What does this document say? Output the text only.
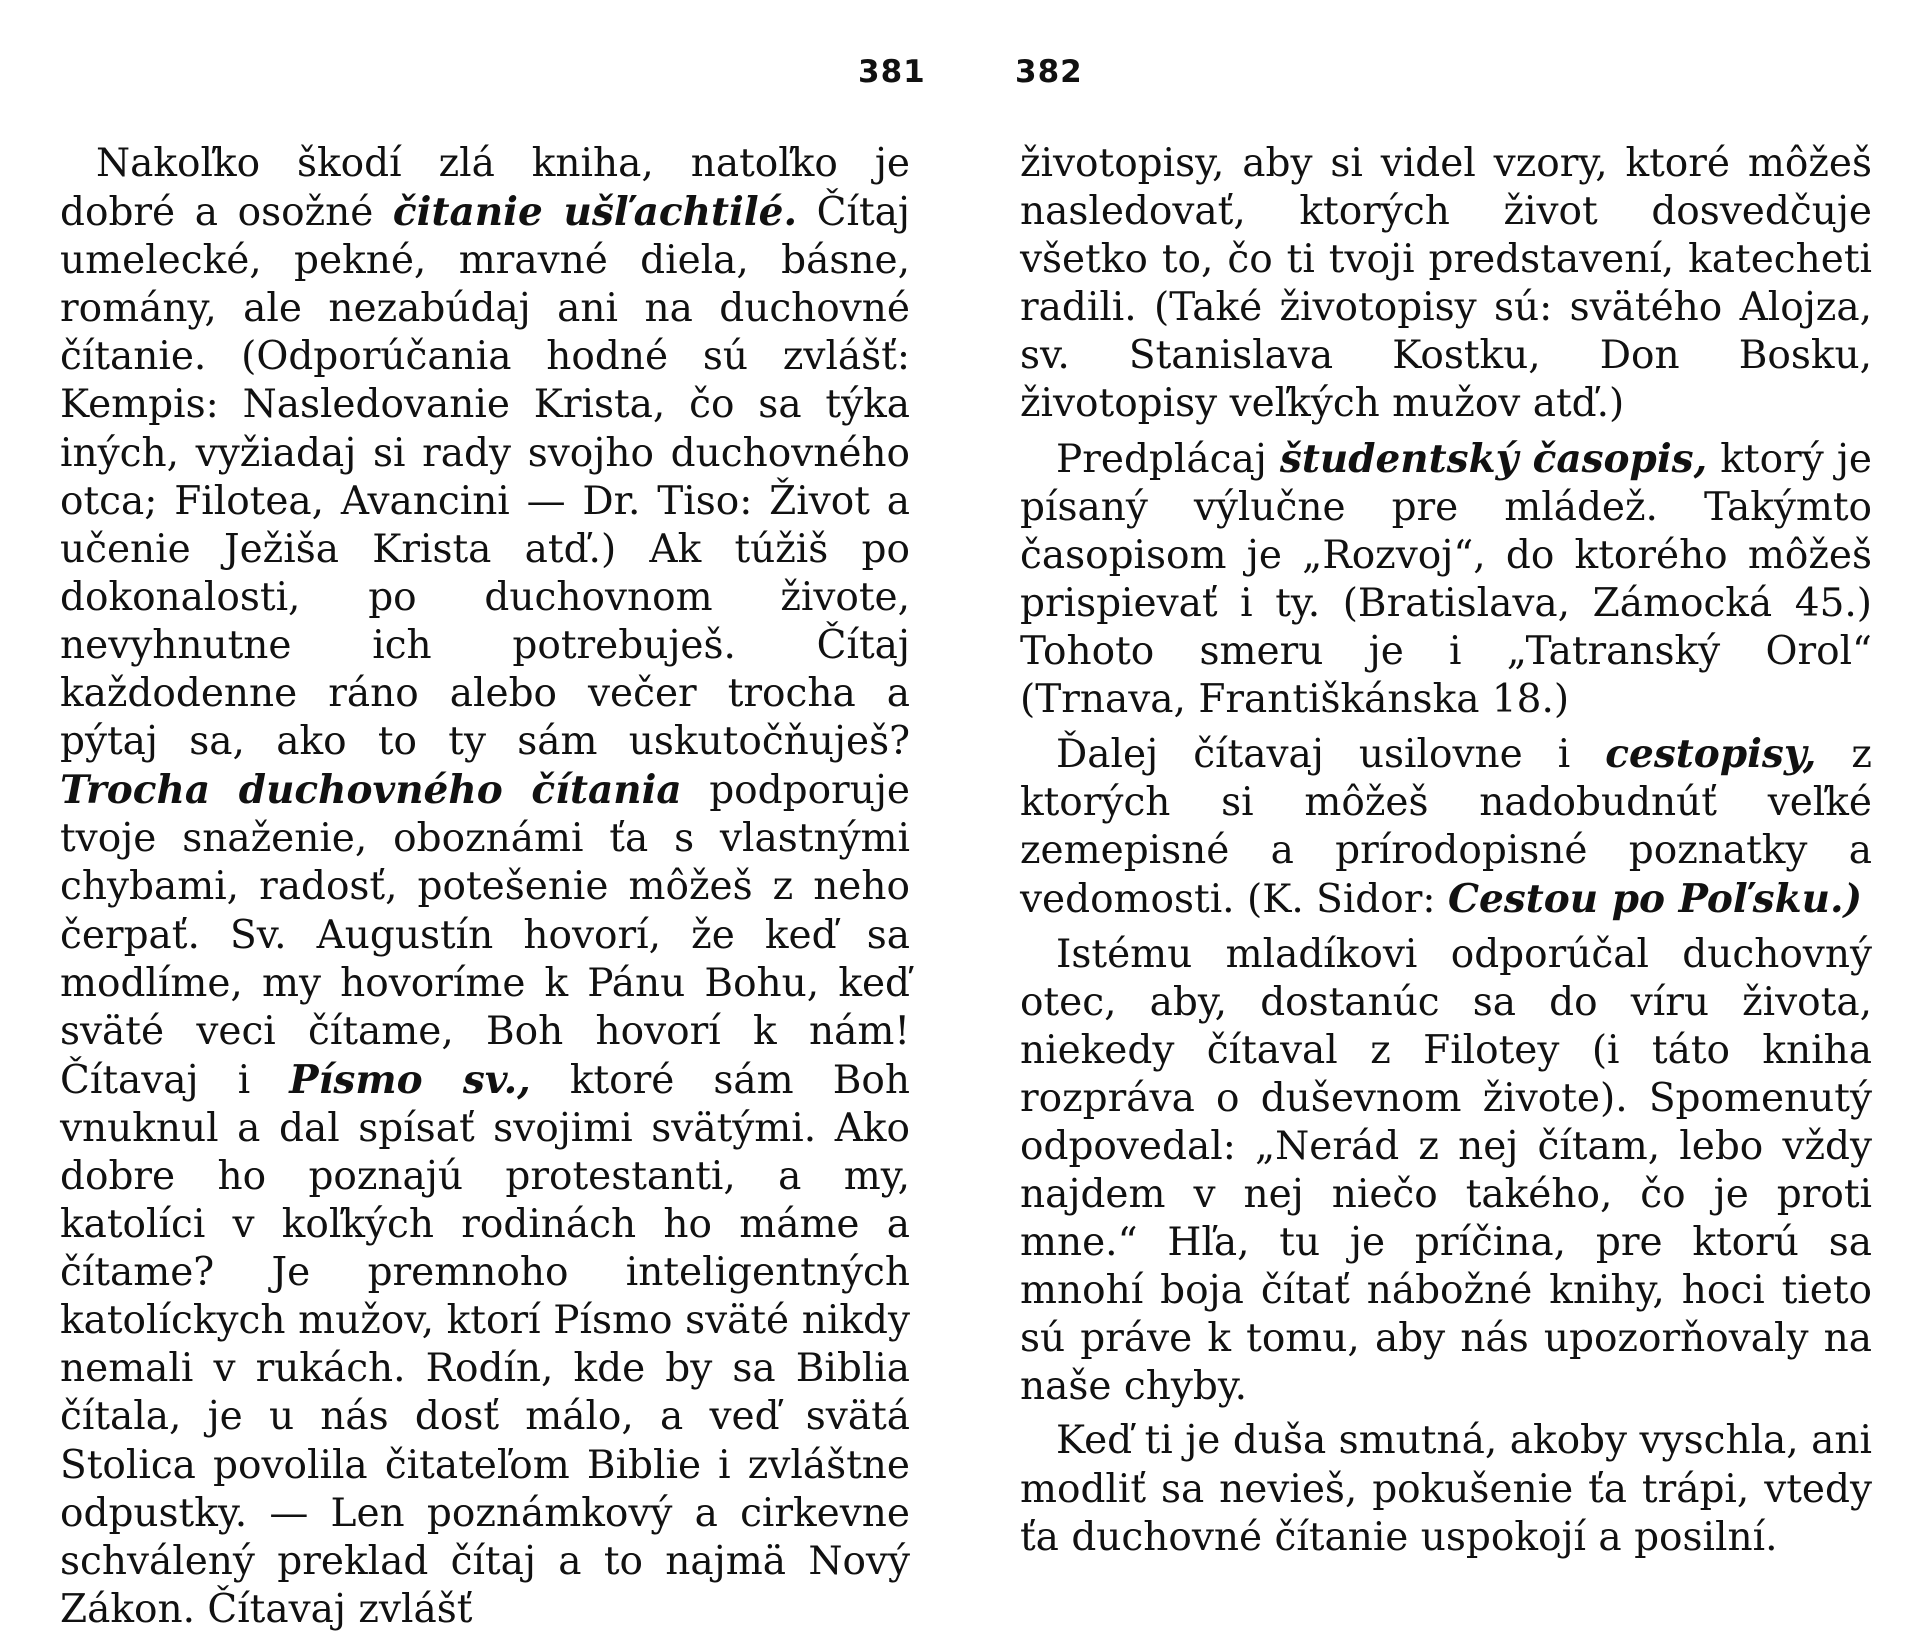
381	382

Nakoľko škodí zlá kniha, natoľko je dobré a osožné čitanie ušľachtilé. Čítaj umelecké, pekné, mravné diela, básne, romány, ale nezabúdaj ani na duchovné čítanie. (Odporúčania hodné sú zvlášť: Kempis: Nasledovanie Krista, čo sa týka iných, vyžiadaj si rady svojho duchovného otca; Filotea, Avancini — Dr. Tiso: Život a učenie Ježiša Krista atď.) Ak túžiš po dokonalosti, po duchovnom živote, nevyhnutne ich potrebuješ. Čítaj každodenne ráno alebo večer trocha a pýtaj sa, ako to ty sám uskutočňuješ? Trocha duchovného čítania podporuje tvoje snaženie, oboznámi ťa s vlastnými chybami, radosť, potešenie môžeš z neho čerpať. Sv. Augustín hovorí, že keď sa modlíme, my hovoríme k Pánu Bohu, keď sväté veci čítame, Boh hovorí k nám! Čítavaj i Písmo sv., ktoré sám Boh vnuknul a dal spísať svojimi svätými. Ako dobre ho poznajú protestanti, a my, katolíci v koľkých rodinách ho máme a čítame? Je premnoho inteligentných katolíckych mužov, ktorí Písmo sväté nikdy nemali v rukách. Rodín, kde by sa Biblia čítala, je u nás dosť málo, a veď svätá Stolica povolila čitateľom Biblie i zvláštne odpustky. — Len poznámkový a cirkevne schválený preklad čítaj a to najmä Nový Zákon. Čítavaj zvlášť

životopisy, aby si videl vzory, ktoré môžeš nasledovať, ktorých život dosvedčuje všetko to, čo ti tvoji predstavení, katecheti radili. (Také životopisy sú: svätého Alojza, sv. Stanislava Kostku, Don Bosku, životopisy veľkých mužov atď.)

Predplácaj študentský časopis, ktorý je písaný výlučne pre mládež. Takýmto časopisom je „Rozvoj“, do ktorého môžeš prispievať i ty. (Bratislava, Zámocká 45.) Tohoto smeru je i „Tatranský Orol“ (Trnava, Františkánska 18.)

Ďalej čítavaj usilovne i cestopisy, z ktorých si môžeš nadobudnúť veľké zemepisné a prírodopisné poznatky a vedomosti. (K. Sidor: Cestou po Poľsku.)

Istému mladíkovi odporúčal duchovný otec, aby, dostanúc sa do víru života, niekedy čítaval z Filotey (i táto kniha rozpráva o duševnom živote). Spomenutý odpovedal: „Nerád z nej čítam, lebo vždy najdem v nej niečo takého, čo je proti mne.“ Hľa, tu je príčina, pre ktorú sa mnohí boja čítať nábožné knihy, hoci tieto sú práve k tomu, aby nás upozorňovaly na naše chyby.

Keď ti je duša smutná, akoby vyschla, ani modliť sa nevieš, pokušenie ťa trápi, vtedy ťa duchovné čítanie uspokojí a posilní.
